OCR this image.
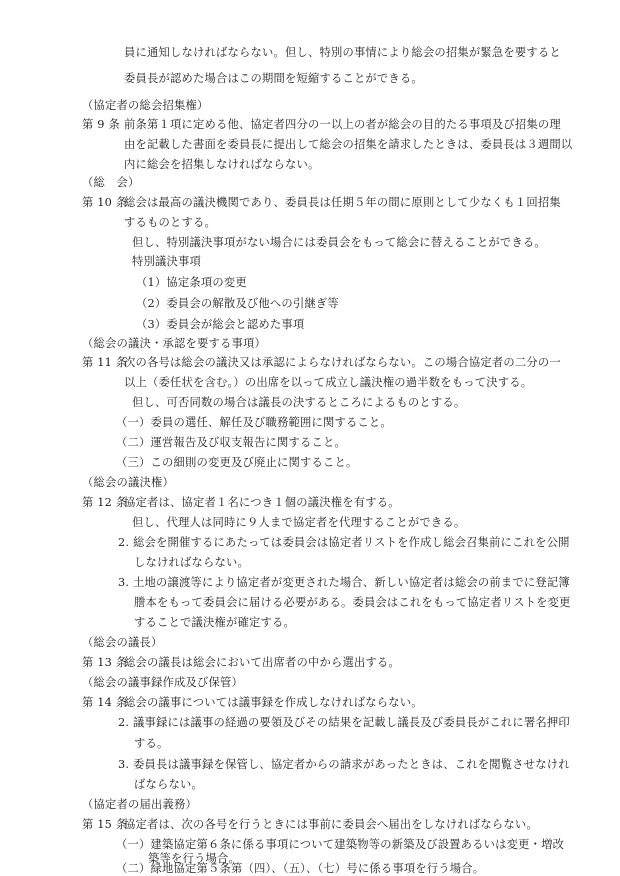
員に通知しなければならない。但し、特別の事情により総会の招集が緊急を要すると
委員長が認めた場合はこの期間を短縮することができる。
（協定者の総会招集権）
第 9 条 前条第１項に定める他、協定者四分の一以上の者が総会の目的たる事項及び招集の理
由を記載した書面を委員長に提出して総会の招集を請求したときは、委員長は３週間以
内に総会を招集しなければならない。
（総　会）
第 10 条総会は最高の議決機関であり、委員長は任期５年の間に原則として少なくも１回招集
するものとする。
但し、特別議決事項がない場合には委員会をもって総会に替えることができる。
特別議決事項
（1）協定条項の変更
（2）委員会の解散及び他への引継ぎ等
（3）委員会が総会と認めた事項
（総会の議決・承認を要する事項）
第 11 条次の各号は総会の議決又は承認によらなければならない。この場合協定者の二分の一
以上（委任状を含む。）の出席を以って成立し議決権の過半数をもって決する。
但し、可否同数の場合は議長の決するところによるものとする。
（一）委員の選任、解任及び職務範囲に関すること。
（二）運営報告及び収支報告に関すること。
（三）この細則の変更及び廃止に関すること。
（総会の議決権）
第 12 条協定者は、協定者１名につき１個の議決権を有する。
但し、代理人は同時に９人まで協定者を代理することができる。
2. 総会を開催するにあたっては委員会は協定者リストを作成し総会召集前にこれを公開
しなければならない。
3. 土地の譲渡等により協定者が変更された場合、新しい協定者は総会の前までに登記簿
謄本をもって委員会に届ける必要がある。委員会はこれをもって協定者リストを変更
することで議決権が確定する。
（総会の議長）
第 13 条総会の議長は総会において出席者の中から選出する。
（総会の議事録作成及び保管）
第 14 条総会の議事については議事録を作成しなければならない。
2. 議事録には議事の経過の要領及びその結果を記載し議長及び委員長がこれに署名押印
する。
3. 委員長は議事録を保管し、協定者からの請求があったときは、これを閲覧させなけれ
ばならない。
（協定者の届出義務）
第 15 条協定者は、次の各号を行うときには事前に委員会へ届出をしなければならない。
（一）建築協定第６条に係る事項について建築物等の新築及び設置あるいは変更・増改
築等を行う場合。
（二）緑地協定第５条第（四）、（五）、（七）号に係る事項を行う場合。
